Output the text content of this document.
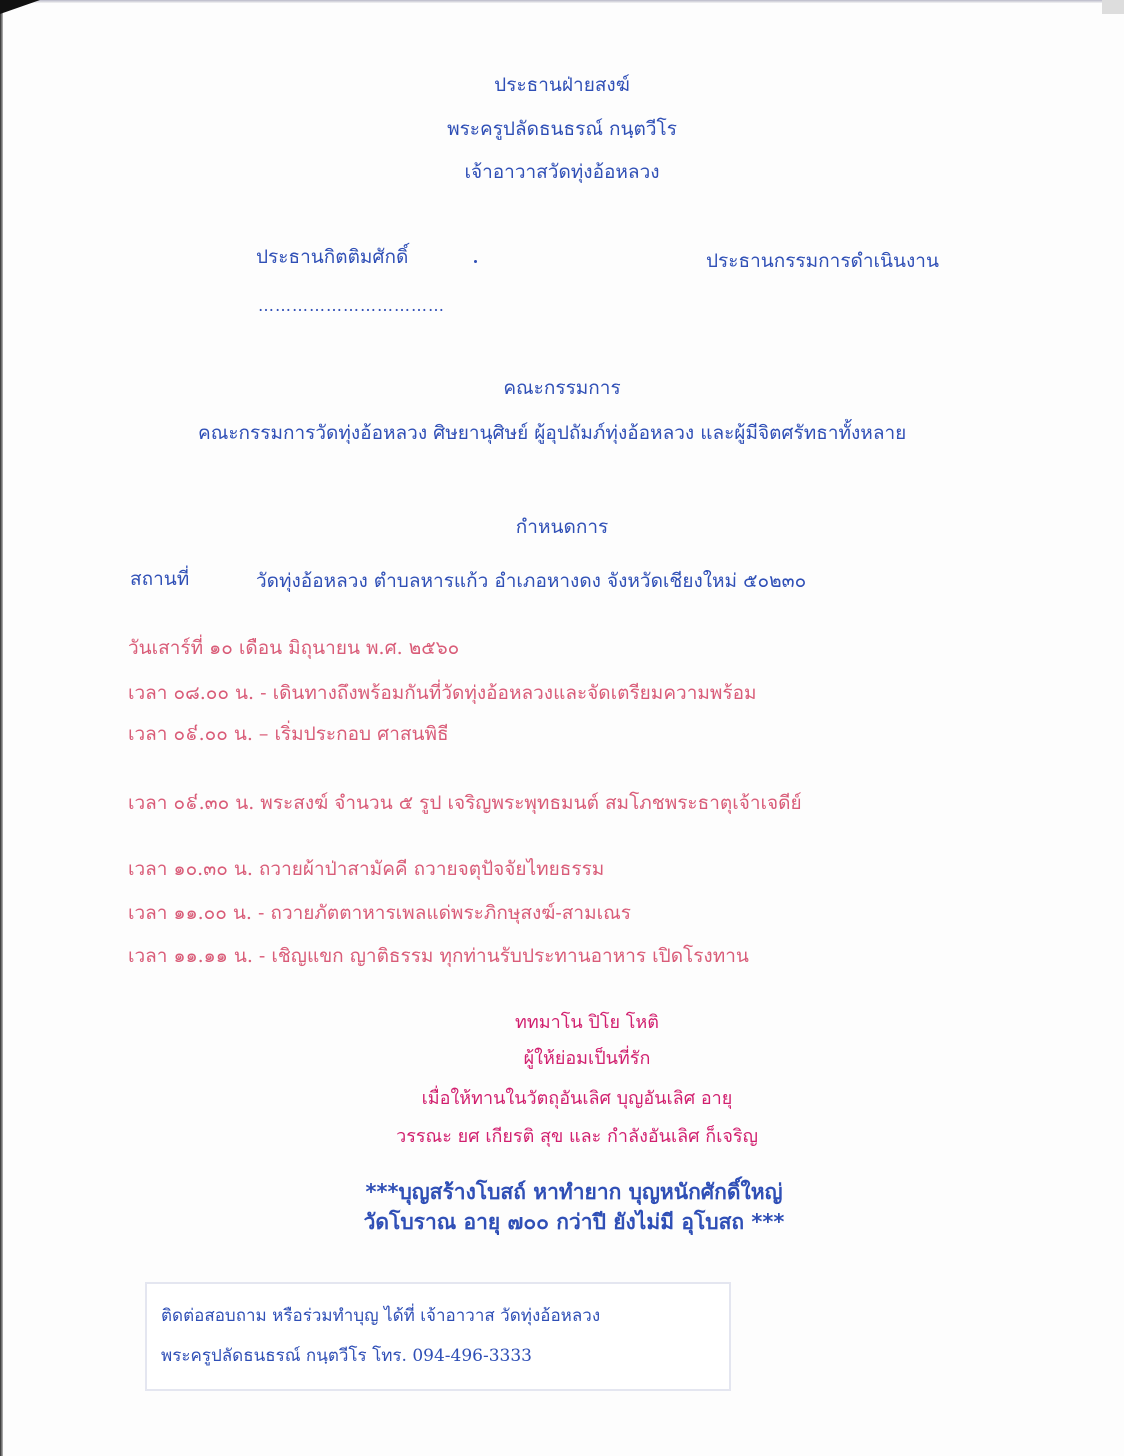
ประธานฝ่ายสงฆ์
พระครูปลัดธนธรณ์ กนฺตวีโร
เจ้าอาวาสวัดทุ่งอ้อหลวง
ประธานกิตติมศักดิ์	ประธานกรรมการดำเนินงาน
……………………………
คณะกรรมการ
คณะกรรมการวัดทุ่งอ้อหลวง ศิษยานุศิษย์ ผู้อุปถัมภ์ทุ่งอ้อหลวง และผู้มีจิตศรัทธาทั้งหลาย
กำหนดการ
สถานที่	วัดทุ่งอ้อหลวง ตำบลหารแก้ว อำเภอหางดง จังหวัดเชียงใหม่ ๕๐๒๓๐
วันเสาร์ที่ ๑๐ เดือน มิถุนายน พ.ศ. ๒๕๖๐
เวลา ๐๘.๐๐ น. - เดินทางถึงพร้อมกันที่วัดทุ่งอ้อหลวงและจัดเตรียมความพร้อม
เวลา ๐៩.๐๐ น. – เริ่มประกอบ ศาสนพิธี
เวลา ๐៩.๓๐ น. พระสงฆ์ จำนวน ๕ รูป เจริญพระพุทธมนต์ สมโภชพระธาตุเจ้าเจดีย์
เวลา ๑๐.๓๐ น. ถวายผ้าป่าสามัคคี ถวายจตุปัจจัยไทยธรรม
เวลา ๑๑.๐๐ น. - ถวายภัตตาหารเพลแด่พระภิกษุสงฆ์-สามเณร
เวลา ๑๑.๑๑ น. - เชิญแขก ญาติธรรม ทุกท่านรับประทานอาหาร เปิดโรงทาน
ททมาโน ปิโย โหติ
ผู้ให้ย่อมเป็นที่รัก
เมื่อให้ทานในวัตถุอันเลิศ บุญอันเลิศ อายุ
วรรณะ ยศ เกียรติ สุข และ กำลังอันเลิศ ก็เจริญ
***บุญสร้างโบสถ์ หาทำยาก บุญหนักศักดิ์ใหญ่
วัดโบราณ อายุ ๗๐๐ กว่าปี ยังไม่มี อุโบสถ ***
ติดต่อสอบถาม หรือร่วมทำบุญ ได้ที่ เจ้าอาวาส วัดทุ่งอ้อหลวง
พระครูปลัดธนธรณ์ กนฺตวีโร โทร. 094-496-3333
